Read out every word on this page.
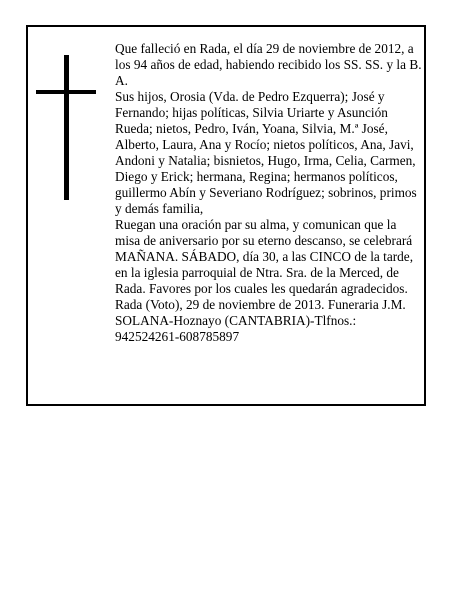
Que falleció en Rada, el día 29 de noviembre de 2012, a los 94 años de edad, habiendo recibido los SS. SS. y la B. A.

Sus hijos, Orosia (Vda. de Pedro Ezquerra); José y Fernando; hijas políticas, Silvia Uriarte y Asunción Rueda; nietos, Pedro, Iván, Yoana, Silvia, M.ª José, Alberto, Laura, Ana y Rocío; nietos políticos, Ana, Javi, Andoni y Natalia; bisnietos, Hugo, Irma, Celia, Carmen, Diego y Erick; hermana, Regina; hermanos políticos, guillermo Abín y Severiano Rodríguez; sobrinos, primos y demás familia,

Ruegan una oración par su alma, y comunican que la misa de aniversario por su eterno descanso, se celebrará MAÑANA. SÁBADO, día 30, a las CINCO de la tarde, en la iglesia parroquial de Ntra. Sra. de la Merced, de Rada. Favores por los cuales les quedarán agradecidos.

Rada (Voto), 29 de noviembre de 2013. Funeraria J.M. SOLANA-Hoznayo (CANTABRIA)-Tlfnos.: 942524261-608785897
